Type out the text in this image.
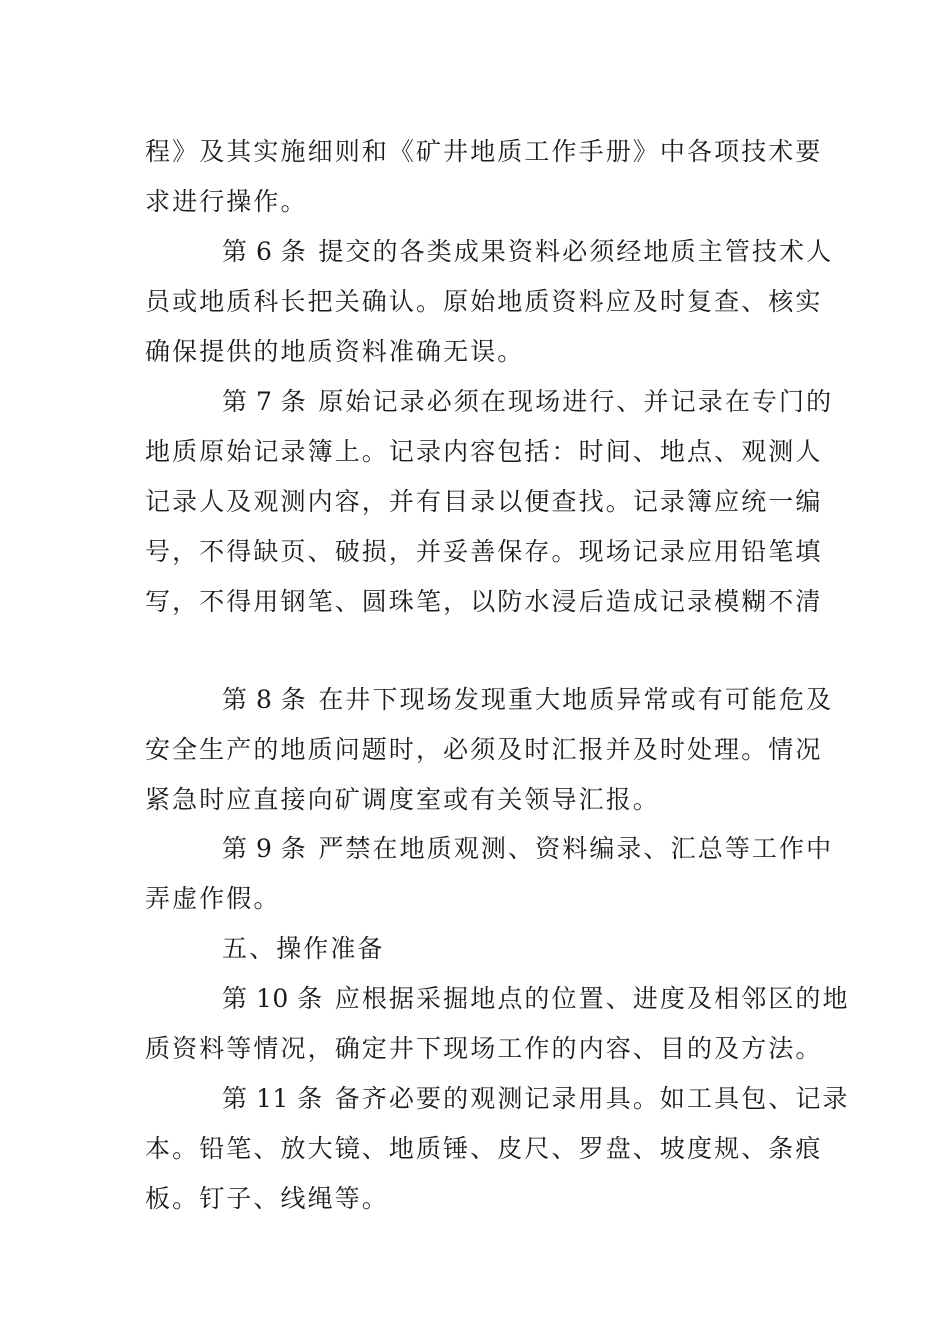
程》及其实施细则和《矿井地质工作手册》中各项技术要
求进行操作。
第 6 条 提交的各类成果资料必须经地质主管技术人
员或地质科长把关确认。原始地质资料应及时复查、核实
确保提供的地质资料准确无误。
第 7 条 原始记录必须在现场进行、并记录在专门的
地质原始记录簿上。记录内容包括：时间、地点、观测人
记录人及观测内容，并有目录以便查找。记录簿应统一编
号，不得缺页、破损，并妥善保存。现场记录应用铅笔填
写，不得用钢笔、圆珠笔，以防水浸后造成记录模糊不清
第 8 条 在井下现场发现重大地质异常或有可能危及
安全生产的地质问题时，必须及时汇报并及时处理。情况
紧急时应直接向矿调度室或有关领导汇报。
第 9 条 严禁在地质观测、资料编录、汇总等工作中
弄虚作假。
五、操作准备
第 10 条 应根据采掘地点的位置、进度及相邻区的地
质资料等情况，确定井下现场工作的内容、目的及方法。
第 11 条 备齐必要的观测记录用具。如工具包、记录
本。铅笔、放大镜、地质锤、皮尺、罗盘、坡度规、条痕
板。钉子、线绳等。
